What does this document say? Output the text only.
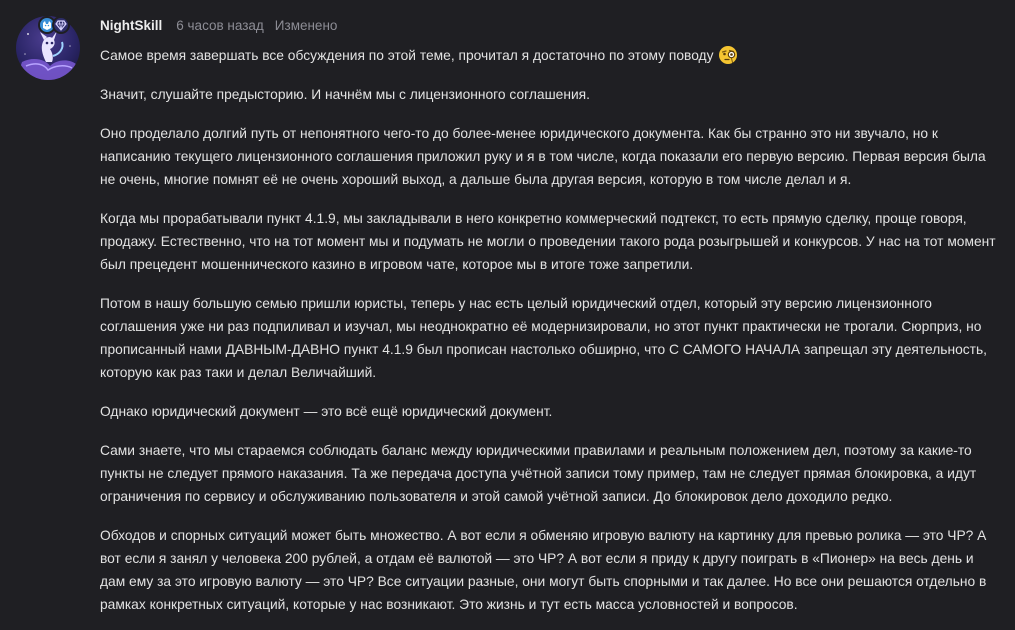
NightSkill 6 часов назад Изменено

Самое время завершать все обсуждения по этой теме, прочитал я достаточно по этому поводу

Значит, слушайте предысторию. И начнём мы с лицензионного соглашения.

Оно проделало долгий путь от непонятного чего-то до более-менее юридического документа. Как бы странно это ни звучало, но к написанию текущего лицензионного соглашения приложил руку и я в том числе, когда показали его первую версию. Первая версия была не очень, многие помнят её не очень хороший выход, а дальше была другая версия, которую в том числе делал и я.

Когда мы прорабатывали пункт 4.1.9, мы закладывали в него конкретно коммерческий подтекст, то есть прямую сделку, проще говоря, продажу. Естественно, что на тот момент мы и подумать не могли о проведении такого рода розыгрышей и конкурсов. У нас на тот момент был прецедент мошеннического казино в игровом чате, которое мы в итоге тоже запретили.

Потом в нашу большую семью пришли юристы, теперь у нас есть целый юридический отдел, который эту версию лицензионного соглашения уже ни раз подпиливал и изучал, мы неоднократно её модернизировали, но этот пункт практически не трогали. Сюрприз, но прописанный нами ДАВНЫМ-ДАВНО пункт 4.1.9 был прописан настолько обширно, что С САМОГО НАЧАЛА запрещал эту деятельность, которую как раз таки и делал Величайший.

Однако юридический документ — это всё ещё юридический документ.

Сами знаете, что мы стараемся соблюдать баланс между юридическими правилами и реальным положением дел, поэтому за какие-то пункты не следует прямого наказания. Та же передача доступа учётной записи тому пример, там не следует прямая блокировка, а идут ограничения по сервису и обслуживанию пользователя и этой самой учётной записи. До блокировок дело доходило редко.

Обходов и спорных ситуаций может быть множество. А вот если я обменяю игровую валюту на картинку для превью ролика — это ЧР? А вот если я занял у человека 200 рублей, а отдам её валютой — это ЧР? А вот если я приду к другу поиграть в «Пионер» на весь день и дам ему за это игровую валюту — это ЧР? Все ситуации разные, они могут быть спорными и так далее. Но все они решаются отдельно в рамках конкретных ситуаций, которые у нас возникают. Это жизнь и тут есть масса условностей и вопросов.
